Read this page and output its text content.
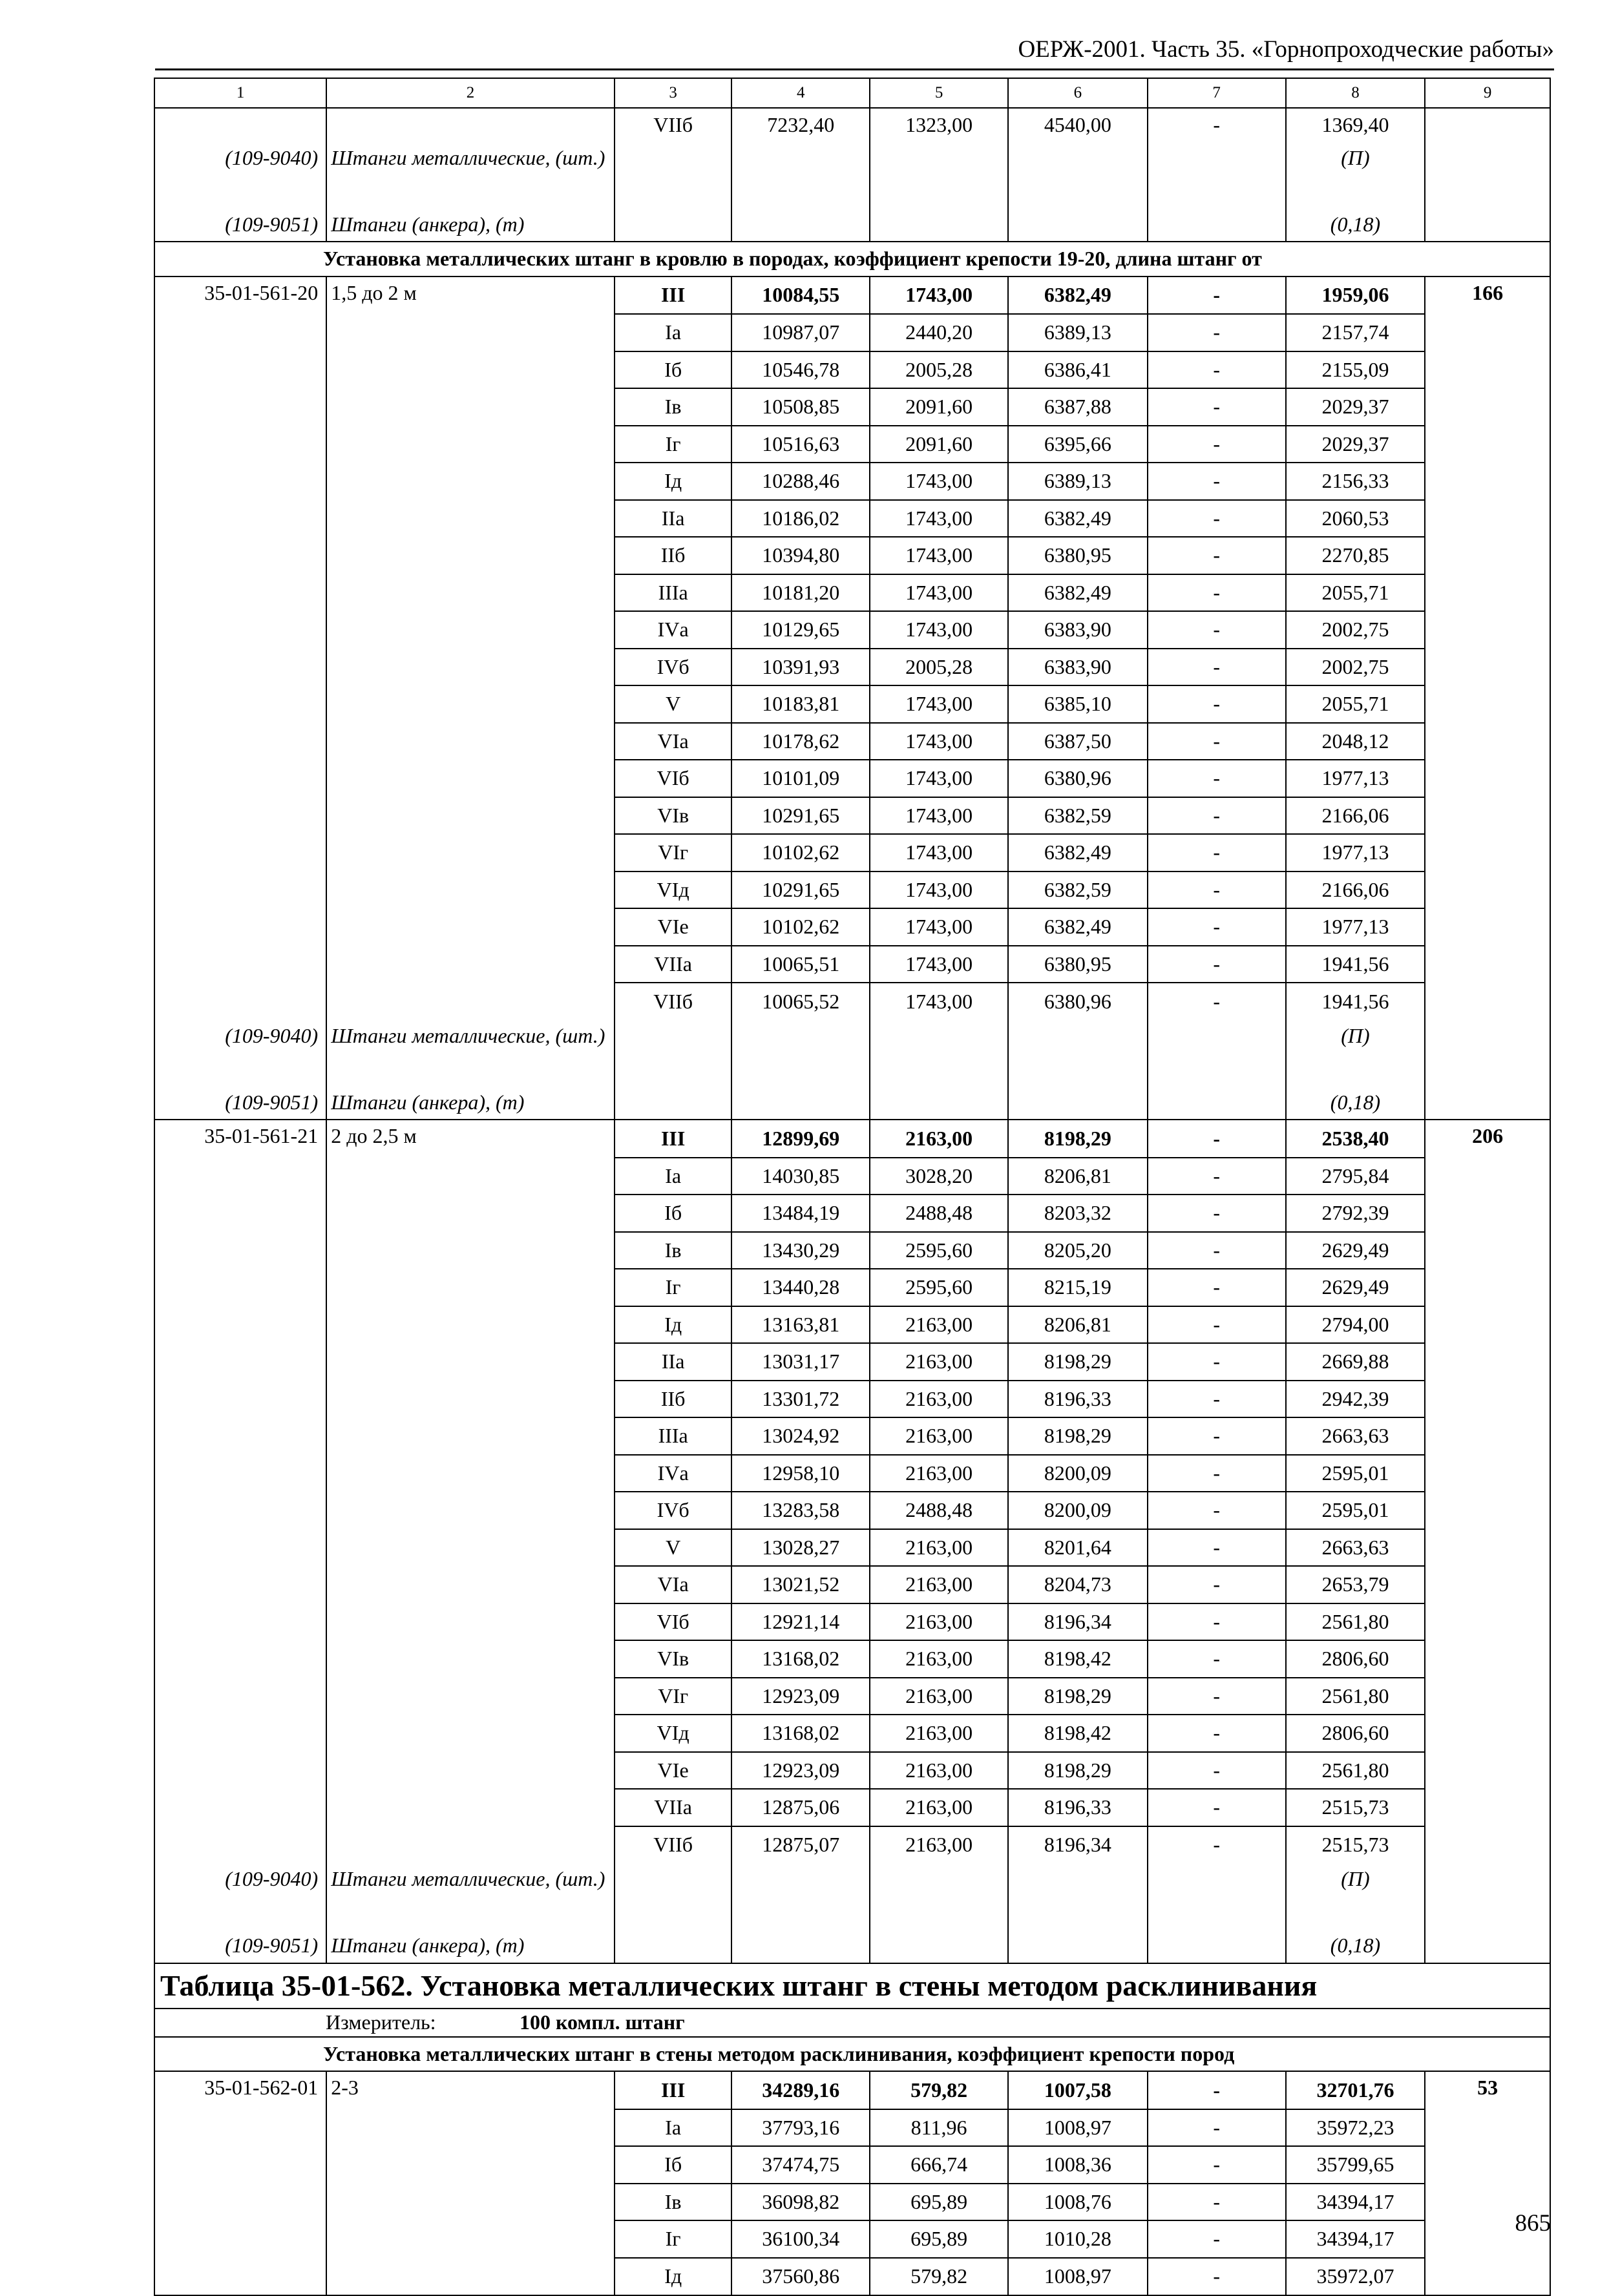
ОЕРЖ-2001. Часть 35. «Горнопроходческие работы»
1	2	3	4	5	6	7	8	9
		VIIб	7232,40	1323,00	4540,00	-	1369,40	
(109-9040)	Штанги металлические, (шт.)						(П)	
(109-9051)	Штанги (анкера), (т)						(0,18)	
Установка металлических штанг в кровлю в породах, коэффициент крепости 19-20, длина штанг от								
35-01-561-20	1,5 до 2 м	III	10084,55	1743,00	6382,49	-	1959,06	166
		Iа	10987,07	2440,20	6389,13	-	2157,74	
		Iб	10546,78	2005,28	6386,41	-	2155,09	
		Iв	10508,85	2091,60	6387,88	-	2029,37	
		Iг	10516,63	2091,60	6395,66	-	2029,37	
		Iд	10288,46	1743,00	6389,13	-	2156,33	
		IIа	10186,02	1743,00	6382,49	-	2060,53	
		IIб	10394,80	1743,00	6380,95	-	2270,85	
		IIIа	10181,20	1743,00	6382,49	-	2055,71	
		IVа	10129,65	1743,00	6383,90	-	2002,75	
		IVб	10391,93	2005,28	6383,90	-	2002,75	
		V	10183,81	1743,00	6385,10	-	2055,71	
		VIа	10178,62	1743,00	6387,50	-	2048,12	
		VIб	10101,09	1743,00	6380,96	-	1977,13	
		VIв	10291,65	1743,00	6382,59	-	2166,06	
		VIг	10102,62	1743,00	6382,49	-	1977,13	
		VIд	10291,65	1743,00	6382,59	-	2166,06	
		VIе	10102,62	1743,00	6382,49	-	1977,13	
		VIIа	10065,51	1743,00	6380,95	-	1941,56	
		VIIб	10065,52	1743,00	6380,96	-	1941,56	
(109-9040)	Штанги металлические, (шт.)						(П)	
(109-9051)	Штанги (анкера), (т)						(0,18)	
35-01-561-21	2 до 2,5 м	III	12899,69	2163,00	8198,29	-	2538,40	206
		Iа	14030,85	3028,20	8206,81	-	2795,84	
		Iб	13484,19	2488,48	8203,32	-	2792,39	
		Iв	13430,29	2595,60	8205,20	-	2629,49	
		Iг	13440,28	2595,60	8215,19	-	2629,49	
		Iд	13163,81	2163,00	8206,81	-	2794,00	
		IIа	13031,17	2163,00	8198,29	-	2669,88	
		IIб	13301,72	2163,00	8196,33	-	2942,39	
		IIIа	13024,92	2163,00	8198,29	-	2663,63	
		IVа	12958,10	2163,00	8200,09	-	2595,01	
		IVб	13283,58	2488,48	8200,09	-	2595,01	
		V	13028,27	2163,00	8201,64	-	2663,63	
		VIа	13021,52	2163,00	8204,73	-	2653,79	
		VIб	12921,14	2163,00	8196,34	-	2561,80	
		VIв	13168,02	2163,00	8198,42	-	2806,60	
		VIг	12923,09	2163,00	8198,29	-	2561,80	
		VIд	13168,02	2163,00	8198,42	-	2806,60	
		VIе	12923,09	2163,00	8198,29	-	2561,80	
		VIIа	12875,06	2163,00	8196,33	-	2515,73	
		VIIб	12875,07	2163,00	8196,34	-	2515,73	
(109-9040)	Штанги металлические, (шт.)						(П)	
(109-9051)	Штанги (анкера), (т)						(0,18)	
Таблица 35-01-562. Установка металлических штанг в стены методом расклинивания								
Измеритель: 100 компл. штанг								
Установка металлических штанг в стены методом расклинивания, коэффициент крепости пород								
35-01-562-01	2-3	III	34289,16	579,82	1007,58	-	32701,76	53
		Iа	37793,16	811,96	1008,97	-	35972,23	
		Iб	37474,75	666,74	1008,36	-	35799,65	
		Iв	36098,82	695,89	1008,76	-	34394,17	
		Iг	36100,34	695,89	1010,28	-	34394,17	
		Iд	37560,86	579,82	1008,97	-	35972,07	
865
